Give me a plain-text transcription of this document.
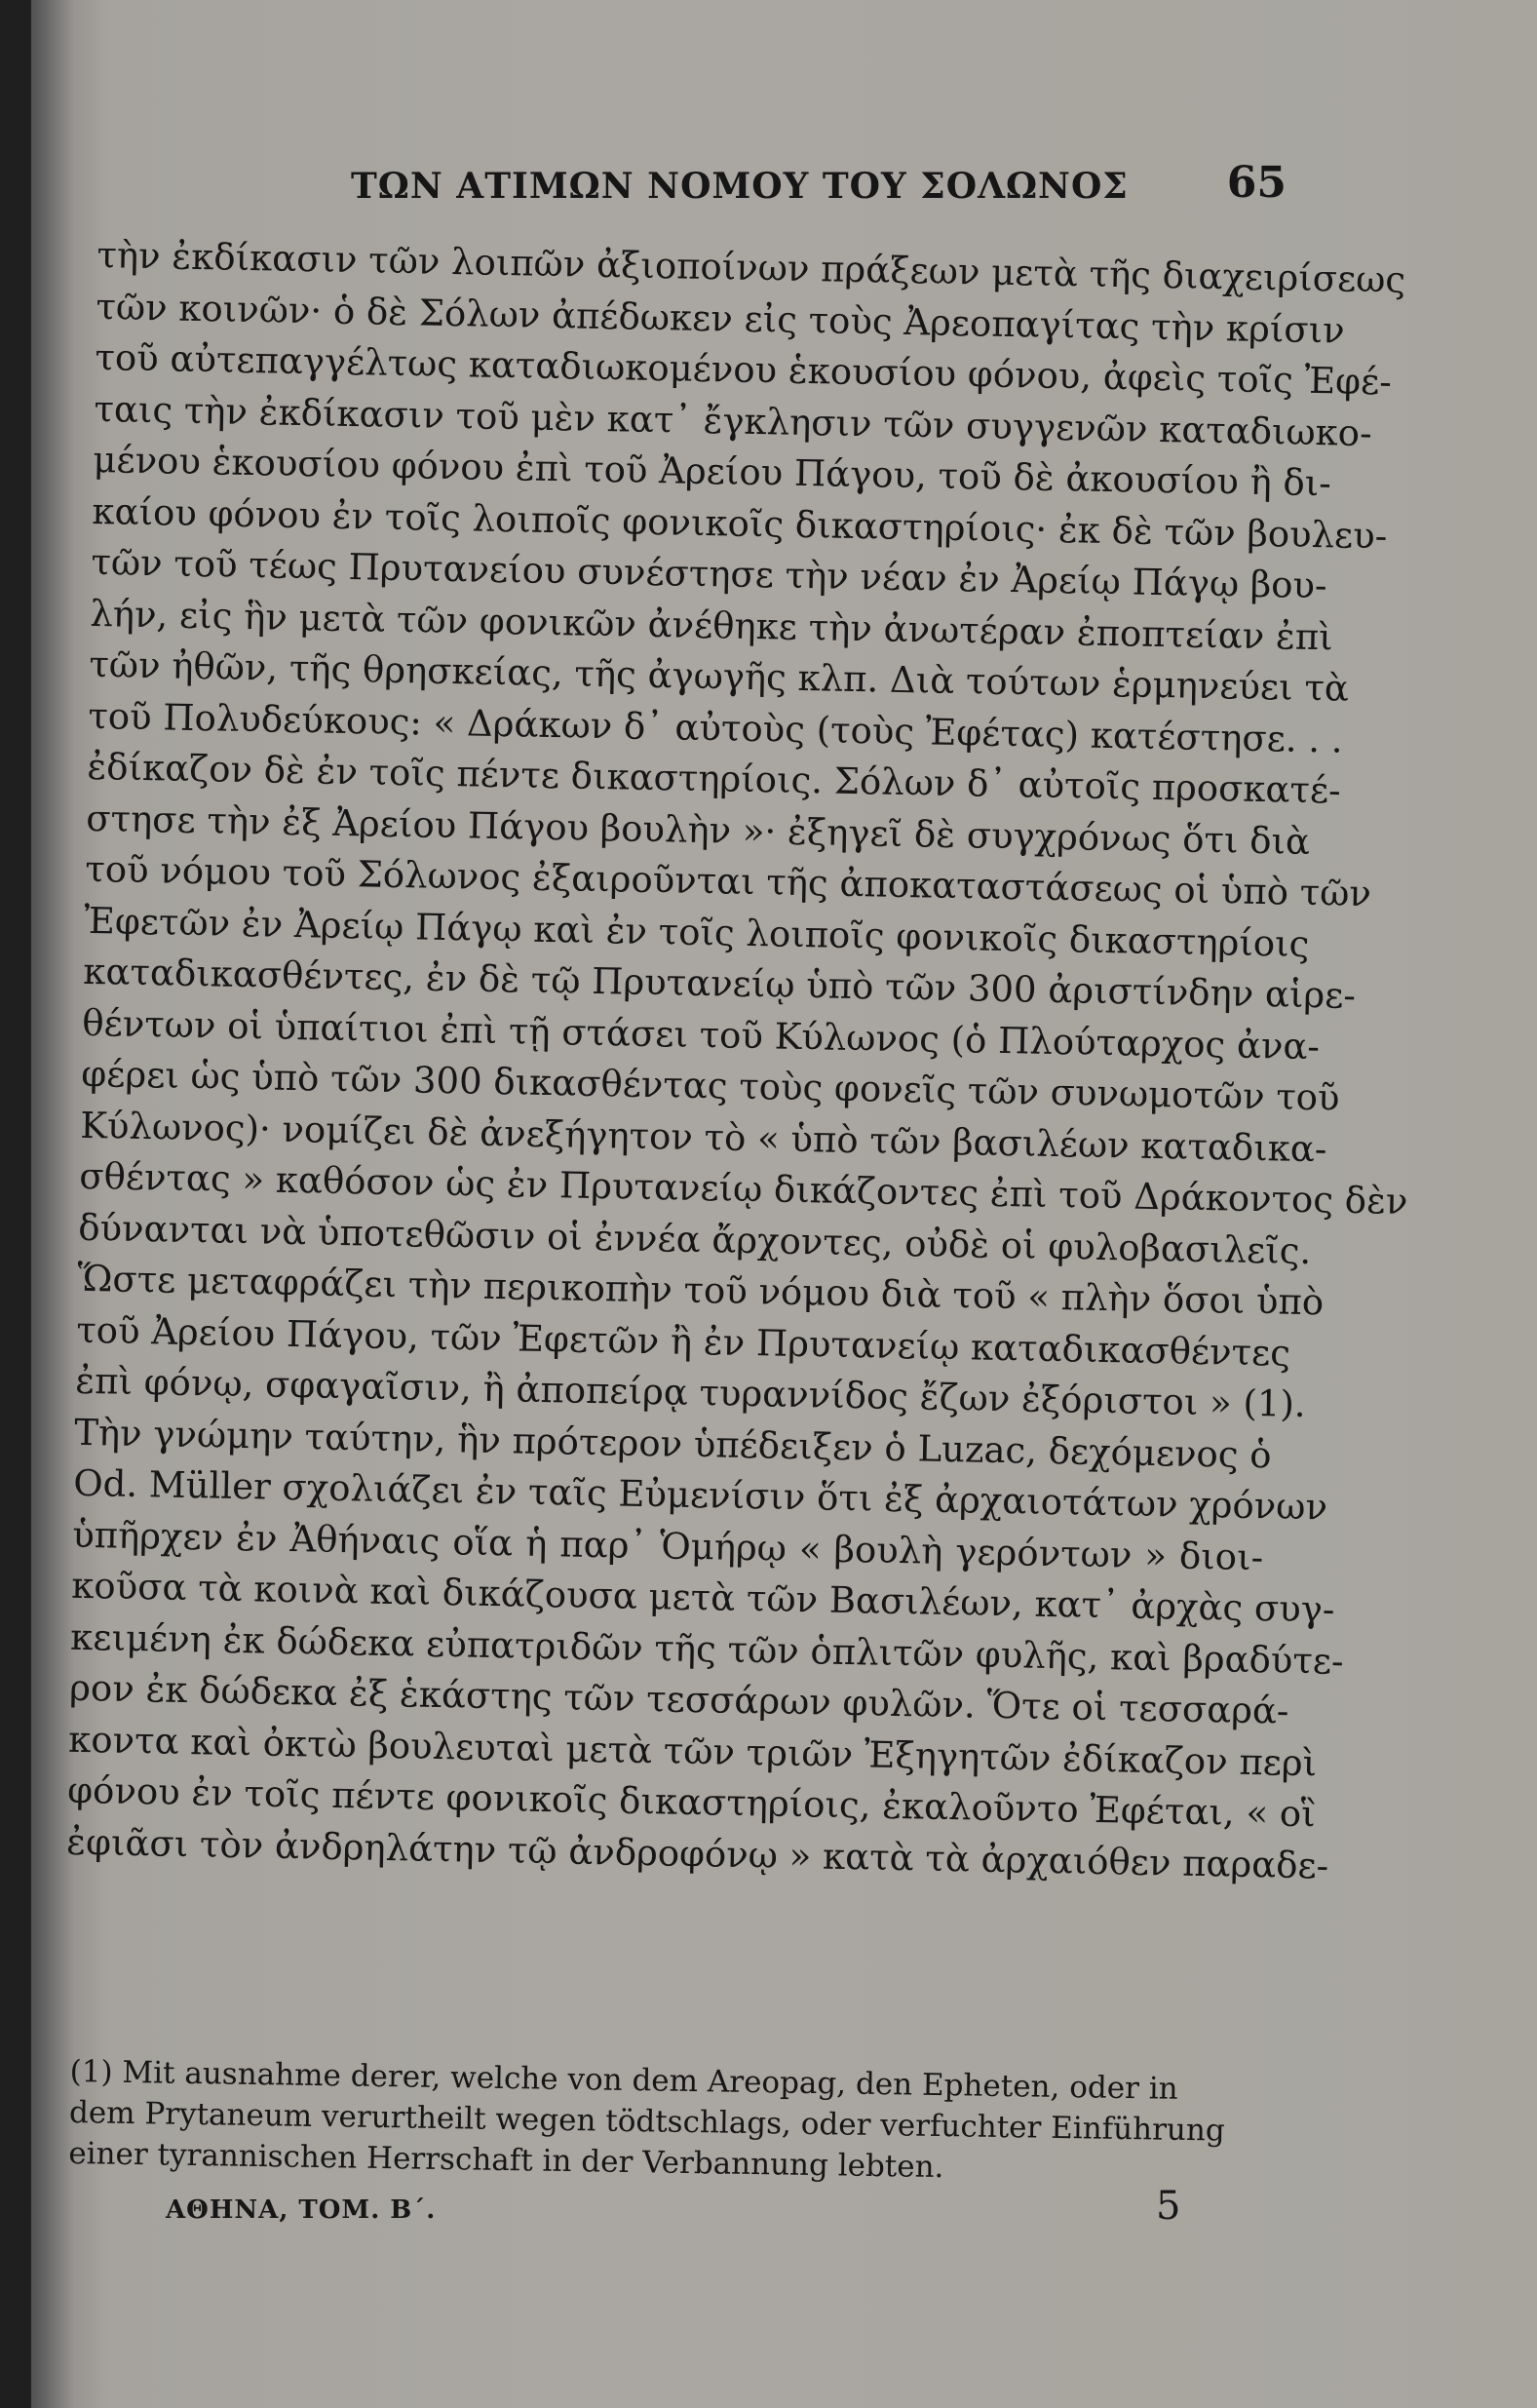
ΤΩΝ ΑΤΙΜΩΝ ΝΟΜΟΥ ΤΟΥ ΣΟΛΩΝΟΣ 65
τὴν ἐκδίκασιν τῶν λοιπῶν ἀξιοποίνων πράξεων μετὰ τῆς διαχειρίσεως
τῶν κοινῶν· ὁ δὲ Σόλων ἀπέδωκεν εἰς τοὺς Ἀρεοπαγίτας τὴν κρίσιν
τοῦ αὐτεπαγγέλτως καταδιωκομένου ἑκουσίου φόνου, ἀφεὶς τοῖς Ἐφέ-
ταις τὴν ἐκδίκασιν τοῦ μὲν κατ᾿ ἔγκλησιν τῶν συγγενῶν καταδιωκο-
μένου ἑκουσίου φόνου ἐπὶ τοῦ Ἀρείου Πάγου, τοῦ δὲ ἀκουσίου ἢ δι-
καίου φόνου ἐν τοῖς λοιποῖς φονικοῖς δικαστηρίοις· ἐκ δὲ τῶν βουλευ-
τῶν τοῦ τέως Πρυτανείου συνέστησε τὴν νέαν ἐν Ἀρείῳ Πάγῳ βου-
λήν, εἰς ἣν μετὰ τῶν φονικῶν ἀνέθηκε τὴν ἀνωτέραν ἐποπτείαν ἐπὶ
τῶν ἠθῶν, τῆς θρησκείας, τῆς ἀγωγῆς κλπ. Διὰ τούτων ἑρμηνεύει τὰ
τοῦ Πολυδεύκους: « Δράκων δ᾿ αὐτοὺς (τοὺς Ἐφέτας) κατέστησε. . .
ἐδίκαζον δὲ ἐν τοῖς πέντε δικαστηρίοις. Σόλων δ᾿ αὐτοῖς προσκατέ-
στησε τὴν ἐξ Ἀρείου Πάγου βουλὴν »· ἐξηγεῖ δὲ συγχρόνως ὅτι διὰ
τοῦ νόμου τοῦ Σόλωνος ἐξαιροῦνται τῆς ἀποκαταστάσεως οἱ ὑπὸ τῶν
Ἐφετῶν ἐν Ἀρείῳ Πάγῳ καὶ ἐν τοῖς λοιποῖς φονικοῖς δικαστηρίοις
καταδικασθέντες, ἐν δὲ τῷ Πρυτανείῳ ὑπὸ τῶν 300 ἀριστίνδην αἱρε-
θέντων οἱ ὑπαίτιοι ἐπὶ τῇ στάσει τοῦ Κύλωνος (ὁ Πλούταρχος ἀνα-
φέρει ὡς ὑπὸ τῶν 300 δικασθέντας τοὺς φονεῖς τῶν συνωμοτῶν τοῦ
Κύλωνος)· νομίζει δὲ ἀνεξήγητον τὸ « ὑπὸ τῶν βασιλέων καταδικα-
σθέντας » καθόσον ὡς ἐν Πρυτανείῳ δικάζοντες ἐπὶ τοῦ Δράκοντος δὲν
δύνανται νὰ ὑποτεθῶσιν οἱ ἐννέα ἄρχοντες, οὐδὲ οἱ φυλοβασιλεῖς.
Ὥστε μεταφράζει τὴν περικοπὴν τοῦ νόμου διὰ τοῦ « πλὴν ὅσοι ὑπὸ
τοῦ Ἀρείου Πάγου, τῶν Ἐφετῶν ἢ ἐν Πρυτανείῳ καταδικασθέντες
ἐπὶ φόνῳ, σφαγαῖσιν, ἢ ἀποπείρᾳ τυραννίδος ἔζων ἐξόριστοι » (1).
Τὴν γνώμην ταύτην, ἣν πρότερον ὑπέδειξεν ὁ Luzac, δεχόμενος ὁ
Od. Müller σχολιάζει ἐν ταῖς Εὐμενίσιν ὅτι ἐξ ἀρχαιοτάτων χρόνων
ὑπῆρχεν ἐν Ἀθήναις οἵα ἡ παρ᾿ Ὁμήρῳ « βουλὴ γερόντων » διοι-
κοῦσα τὰ κοινὰ καὶ δικάζουσα μετὰ τῶν Βασιλέων, κατ᾿ ἀρχὰς συγ-
κειμένη ἐκ δώδεκα εὐπατριδῶν τῆς τῶν ὁπλιτῶν φυλῆς, καὶ βραδύτε-
ρον ἐκ δώδεκα ἐξ ἑκάστης τῶν τεσσάρων φυλῶν. Ὅτε οἱ τεσσαρά-
κοντα καὶ ὀκτὼ βουλευταὶ μετὰ τῶν τριῶν Ἐξηγητῶν ἐδίκαζον περὶ
φόνου ἐν τοῖς πέντε φονικοῖς δικαστηρίοις, ἐκαλοῦντο Ἐφέται, « οἳ
ἐφιᾶσι τὸν ἀνδρηλάτην τῷ ἀνδροφόνῳ » κατὰ τὰ ἀρχαιόθεν παραδε-
(1) Mit ausnahme derer, welche von dem Areopag, den Epheten, oder in
dem Prytaneum verurtheilt wegen tödtschlags, oder verfuchter Einführung
einer tyrannischen Herrschaft in der Verbannung lebten.
ΑΘΗΝΑ, ΤΟΜ. Β΄.	5
